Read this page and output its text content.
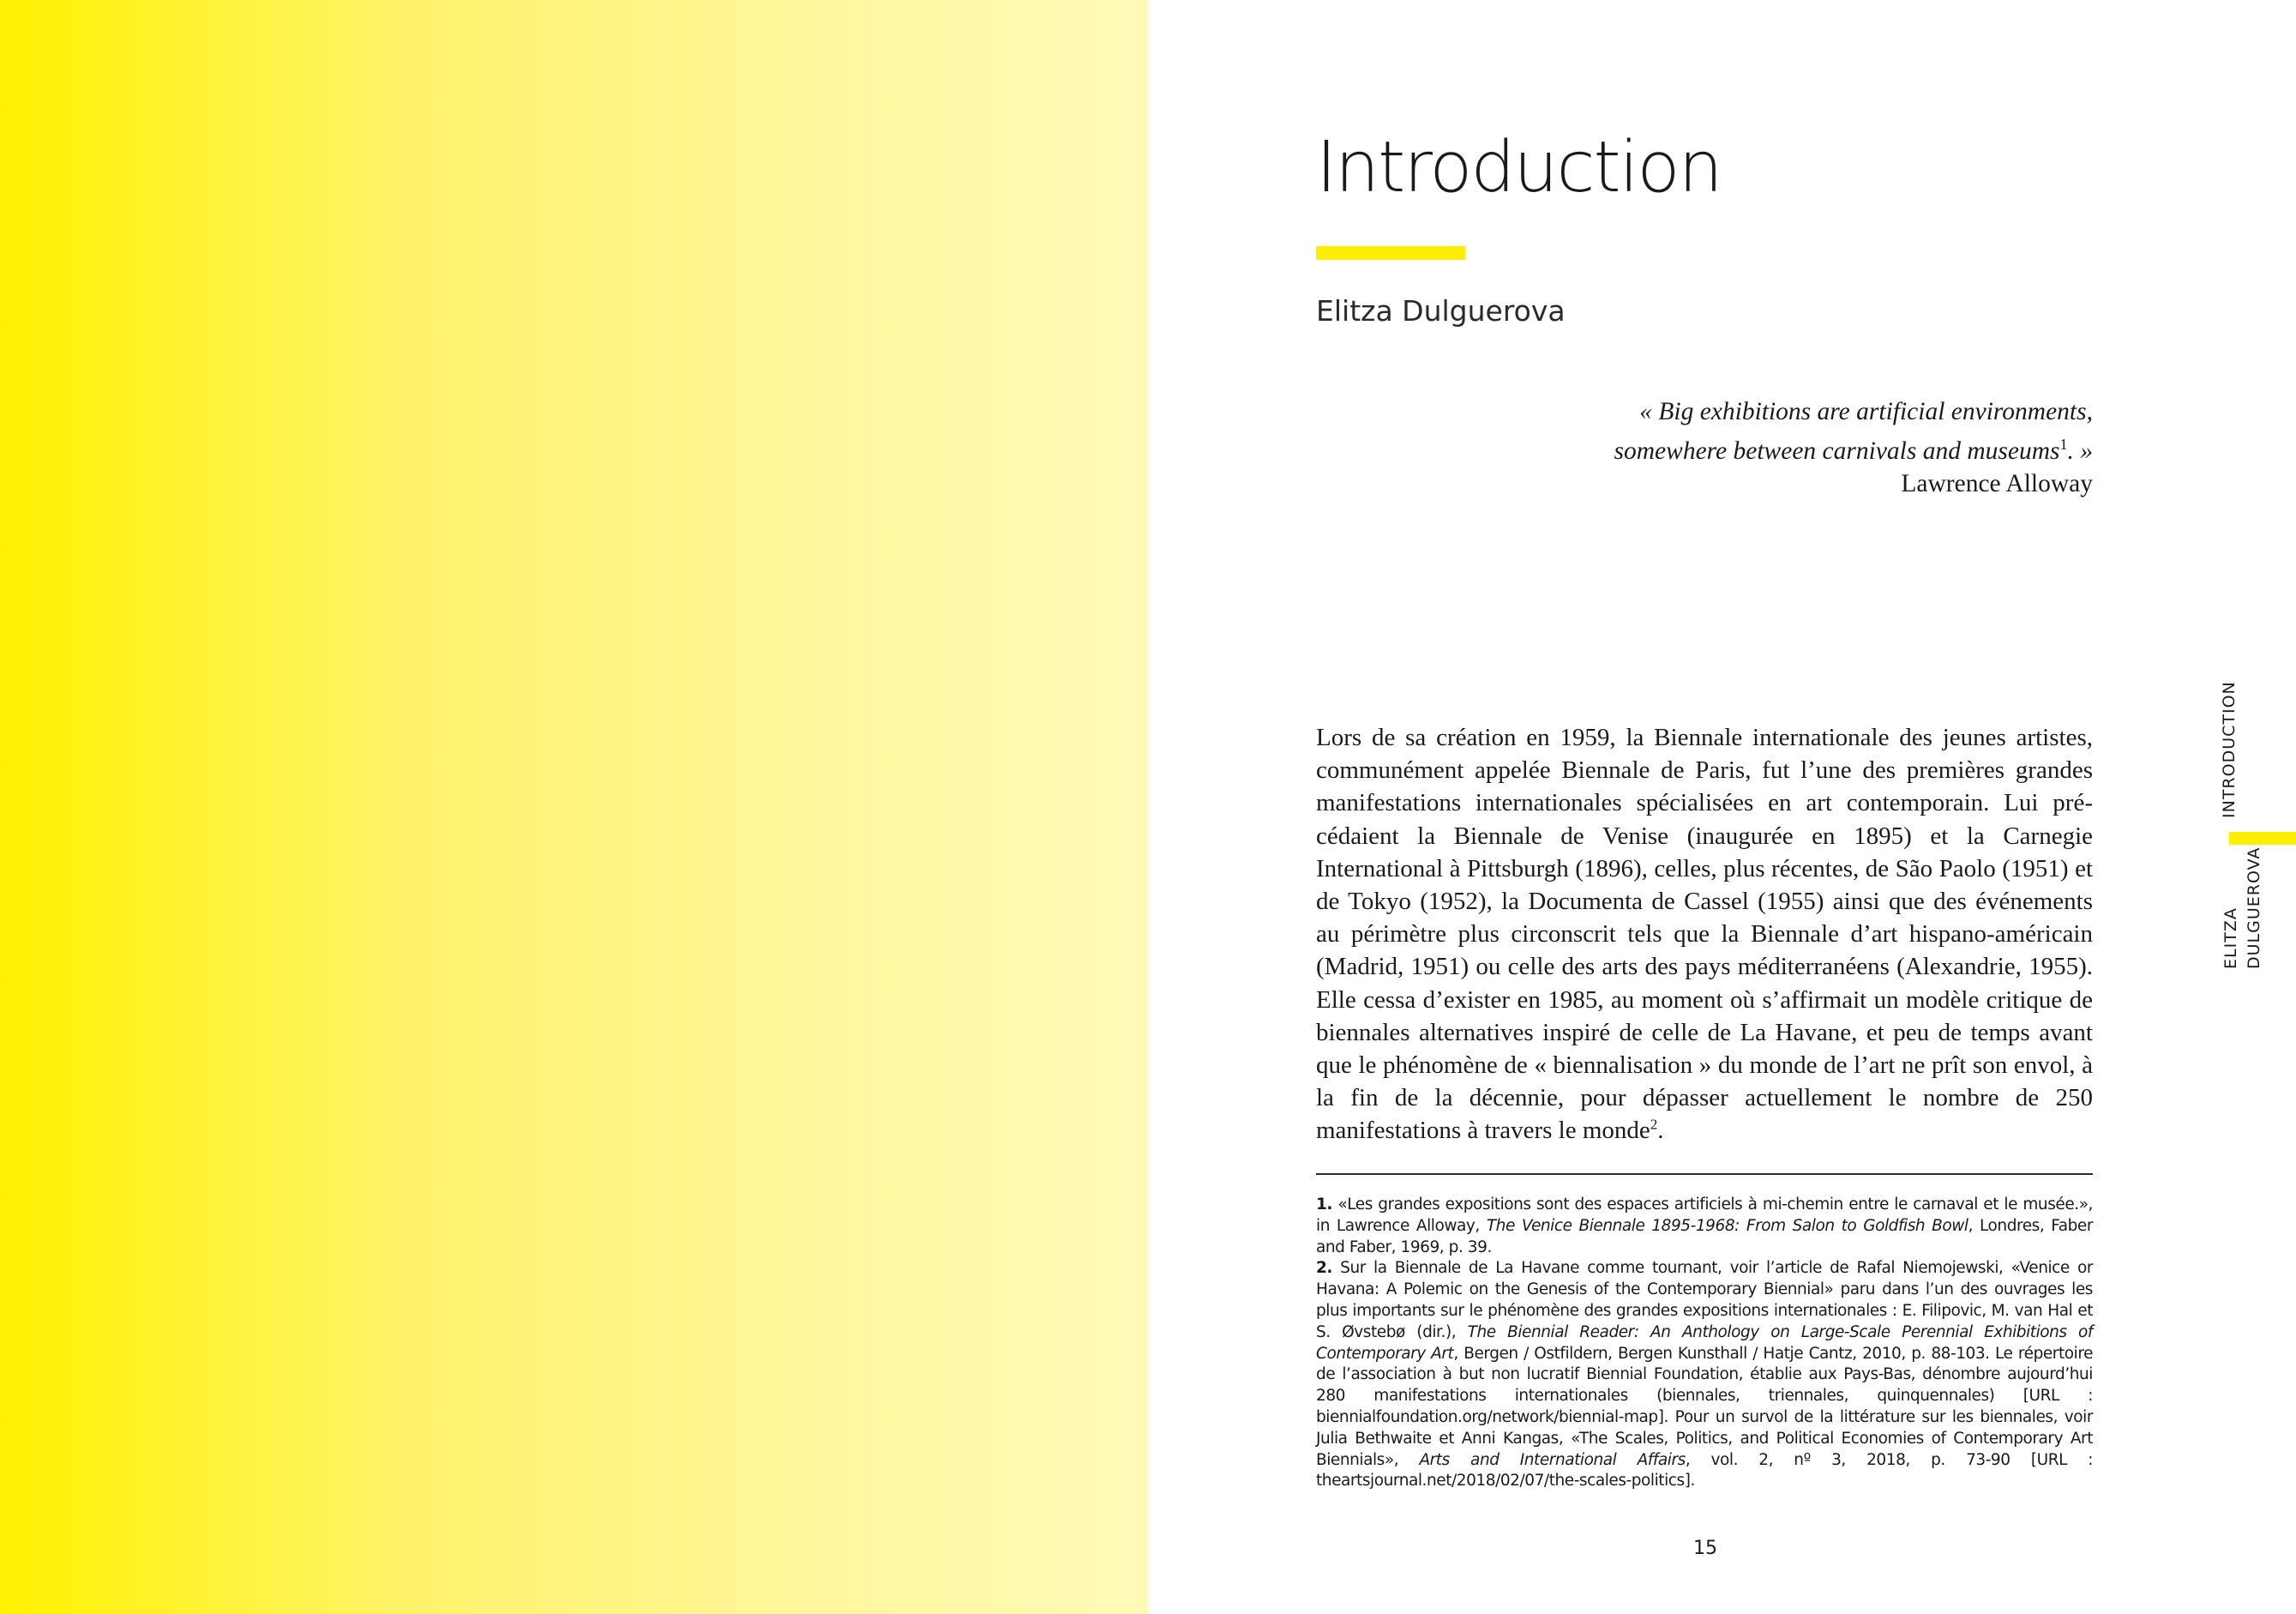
Introduction
Elitza Dulguerova
« Big exhibitions are artificial environments,
somewhere between carnivals and museums$^1$. »
Lawrence Alloway
Lors de sa création en 1959, la Biennale internationale des jeunes artistes, communément appelée Biennale de Paris, fut l’une des premières grandes manifestations internationales spécialisées en art contemporain. Lui précédaient la Biennale de Venise (inaugurée en 1895) et la Carnegie International à Pittsburgh (1896), celles, plus récentes, de São Paolo (1951) et de Tokyo (1952), la Documenta de Cassel (1955) ainsi que des événements au périmètre plus circonscrit tels que la Biennale d’art hispano-américain (Madrid, 1951) ou celle des arts des pays méditerranéens (Alexandrie, 1955). Elle cessa d’exister en 1985, au moment où s’affirmait un modèle critique de biennales alternatives inspiré de celle de La Havane, et peu de temps avant que le phénomène de « biennalisation » du monde de l’art ne prît son envol, à la fin de la décennie, pour dépasser actuellement le nombre de 250 manifestations à travers le monde$^2$.

1. «Les grandes expositions sont des espaces artificiels à mi-chemin entre le carnaval et le musée.», in Lawrence Alloway, The Venice Biennale 1895-1968: From Salon to Goldfish Bowl, Londres, Faber and Faber, 1969, p. 39.

2. Sur la Biennale de La Havane comme tournant, voir l’article de Rafal Niemojewski, «Venice or Havana: A Polemic on the Genesis of the Contemporary Biennial» paru dans l’un des ouvrages les plus importants sur le phénomène des grandes expositions internationales : E. Filipovic, M. van Hal et S. Øvstebø (dir.), The Biennial Reader: An Anthology on Large-Scale Perennial Exhibitions of Contemporary Art, Bergen / Ostfildern, Bergen Kunsthall / Hatje Cantz, 2010, p. 88-103. Le répertoire de l’association à but non lucratif Biennial Foundation, établie aux Pays-Bas, dénombre aujourd’hui 280 manifestations internationales (biennales, triennales, quinquennales) [URL : biennialfoundation.org/network/biennial-map]. Pour un survol de la littérature sur les biennales, voir Julia Bethwaite et Anni Kangas, «The Scales, Politics, and Political Economies of Contemporary Art Biennials», Arts and International Affairs, vol. 2, nº 3, 2018, p. 73-90 [URL : theartsjournal.net/2018/02/07/the-scales-politics].

15
INTRODUCTION
ELITZA DULGUEROVA
